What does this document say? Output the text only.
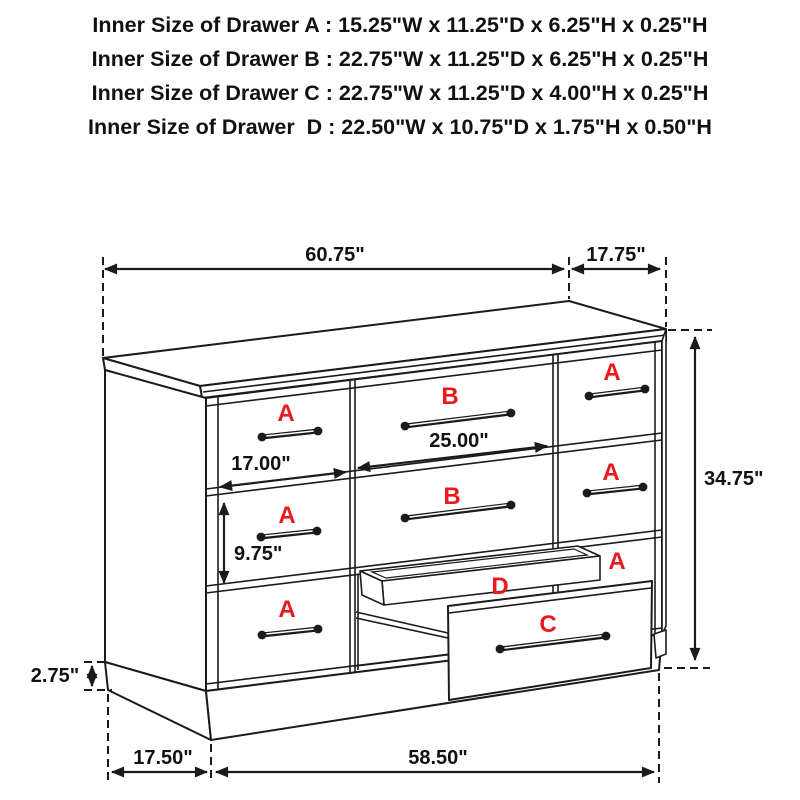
A
B
A
A
B
A
A
A
D
C
60.75"	17.75"
34.75"
17.00"
25.00"
9.75"
2.75"
17.50"	58.50"
Inner Size of Drawer A : 15.25"W x 11.25"D x 6.25"H x 0.25"H
Inner Size of Drawer B : 22.75"W x 11.25"D x 6.25"H x 0.25"H
Inner Size of Drawer C : 22.75"W x 11.25"D x 4.00"H x 0.25"H
Inner Size of Drawer  D : 22.50"W x 10.75"D x 1.75"H x 0.50"H
